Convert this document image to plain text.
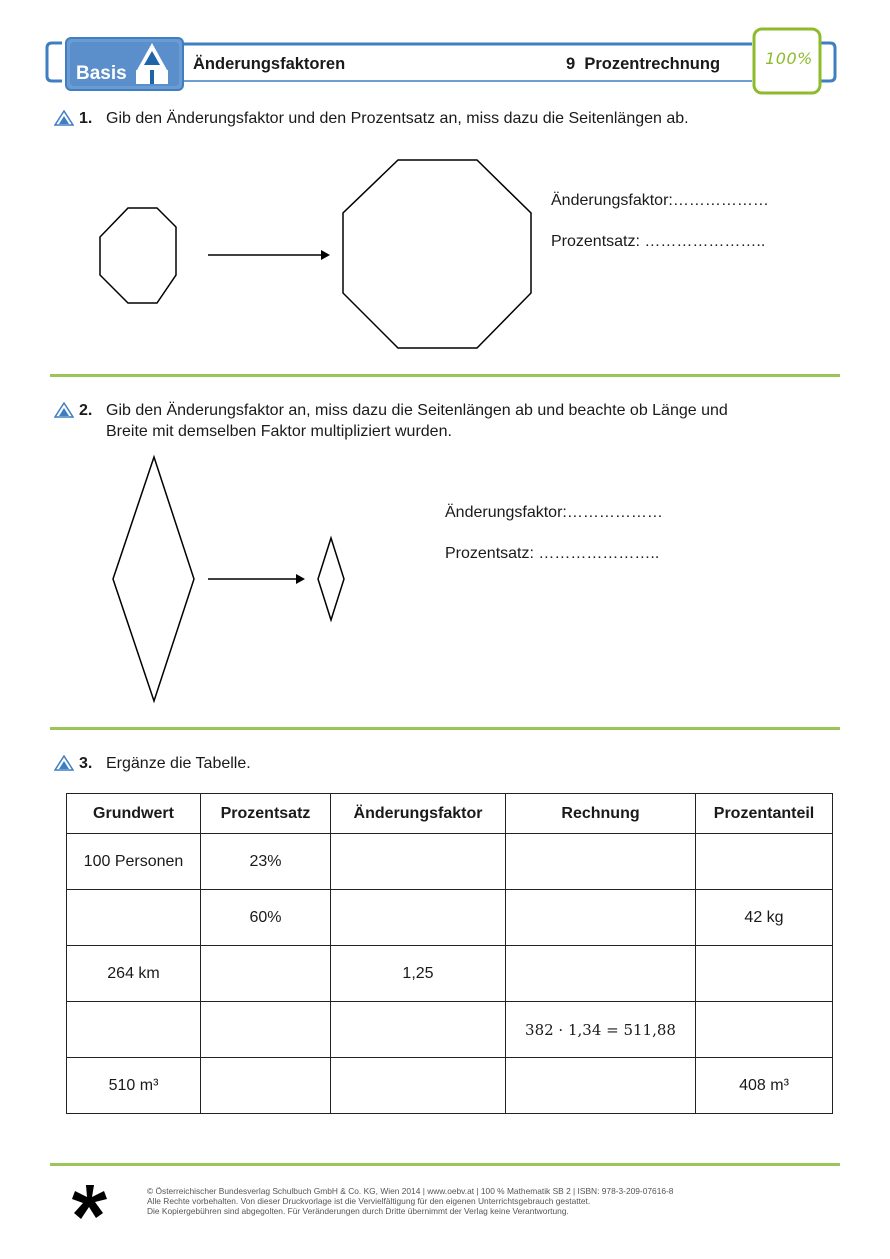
Basis	Änderungsfaktoren	9 Prozentrechnung	100%
1. Gib den Änderungsfaktor und den Prozentsatz an, miss dazu die Seitenlängen ab.
Änderungsfaktor:………………
Prozentsatz: …………………..
2. Gib den Änderungsfaktor an, miss dazu die Seitenlängen ab und beachte ob Länge und
Breite mit demselben Faktor multipliziert wurden.
Änderungsfaktor:………………
Prozentsatz: …………………..
3. Ergänze die Tabelle.
Grundwert	Prozentsatz	Änderungsfaktor	Rechnung	Prozentanteil
100 Personen	23%			
	60%			42 kg
264 km		1,25		
			382 · 1,34 = 511,88	
510 m³				408 m³
© Österreichischer Bundesverlag Schulbuch GmbH & Co. KG, Wien 2014 | www.oebv.at | 100 % Mathematik SB 2 | ISBN: 978-3-209-07616-8
Alle Rechte vorbehalten. Von dieser Druckvorlage ist die Vervielfältigung für den eigenen Unterrichtsgebrauch gestattet.
Die Kopiergebühren sind abgegolten. Für Veränderungen durch Dritte übernimmt der Verlag keine Verantwortung.
